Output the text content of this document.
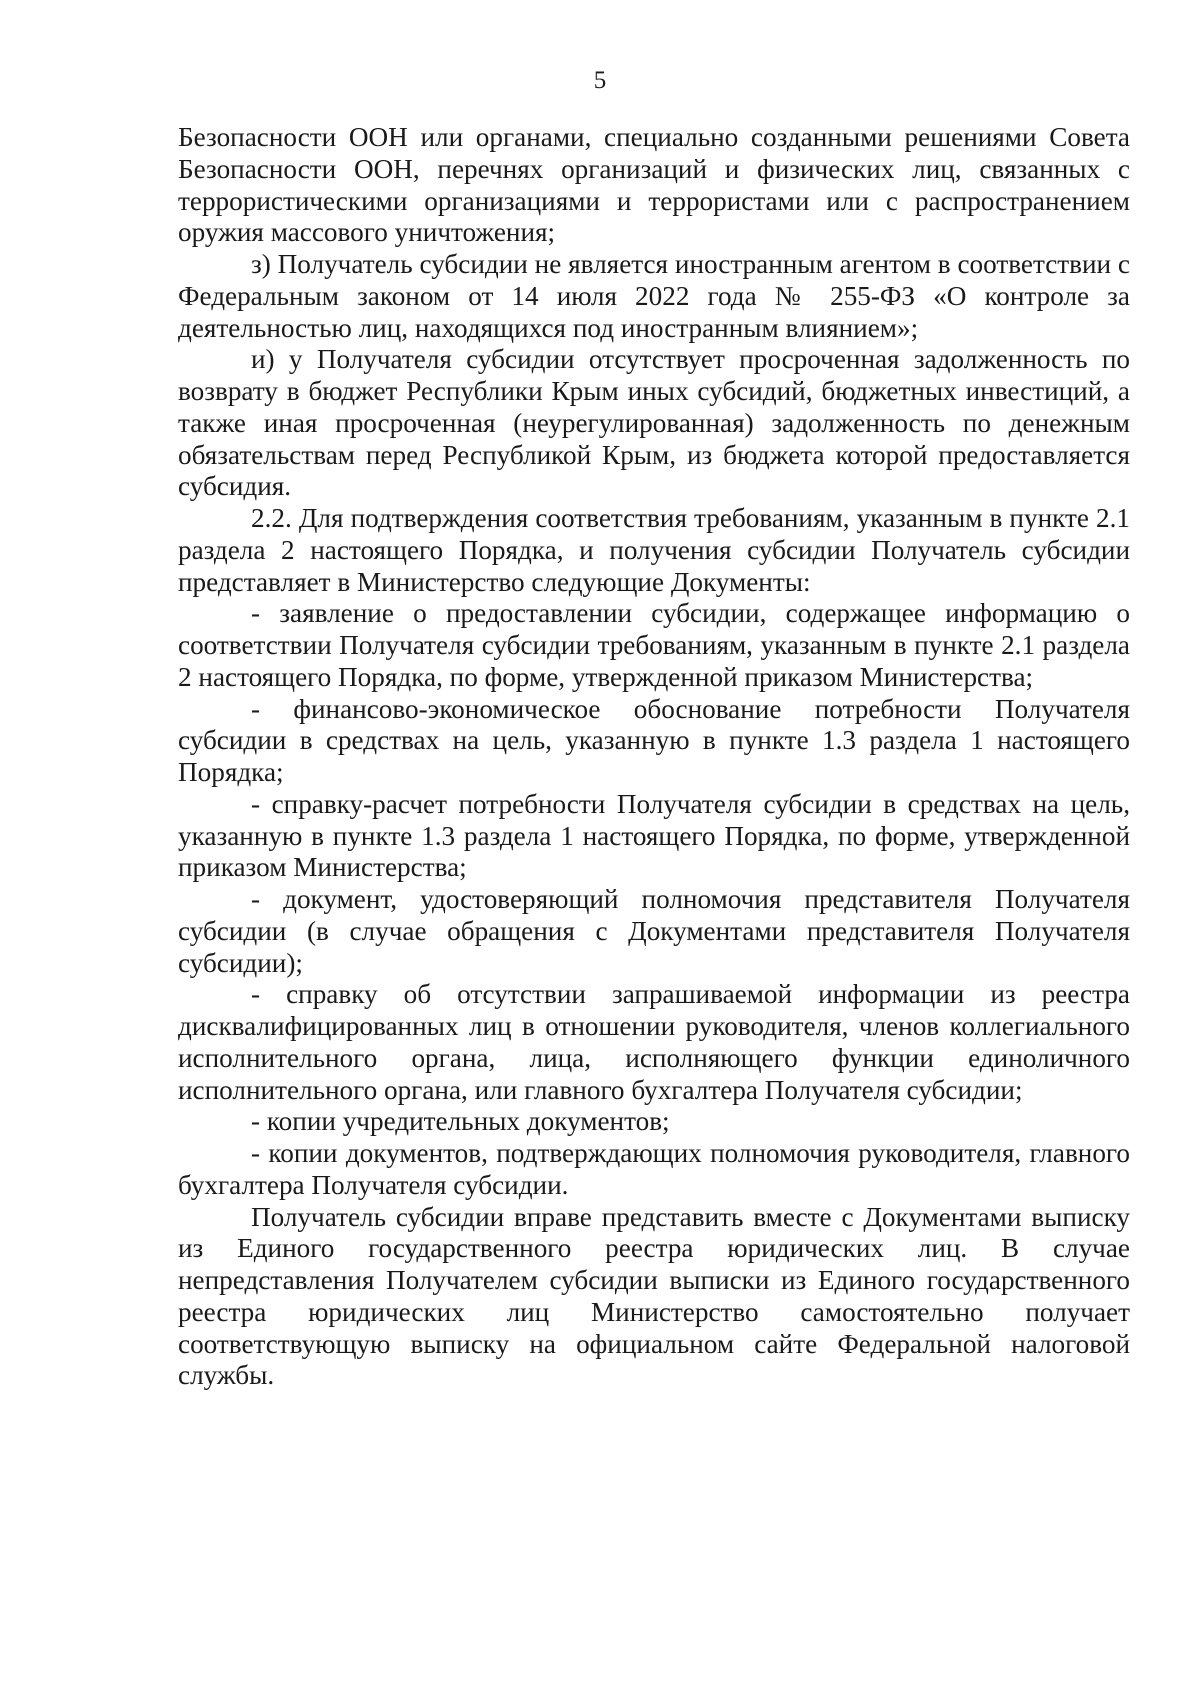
5

Безопасности ООН или органами, специально созданными решениями Совета Безопасности ООН, перечнях организаций и физических лиц, связанных с террористическими организациями и террористами или с распространением оружия массового уничтожения;

з) Получатель субсидии не является иностранным агентом в соответствии с Федеральным законом от 14 июля 2022 года № 255-ФЗ «О контроле за деятельностью лиц, находящихся под иностранным влиянием»;

и) у Получателя субсидии отсутствует просроченная задолженность по возврату в бюджет Республики Крым иных субсидий, бюджетных инвестиций, а также иная просроченная (неурегулированная) задолженность по денежным обязательствам перед Республикой Крым, из бюджета которой предоставляется субсидия.

2.2. Для подтверждения соответствия требованиям, указанным в пункте 2.1 раздела 2 настоящего Порядка, и получения субсидии Получатель субсидии представляет в Министерство следующие Документы:

- заявление о предоставлении субсидии, содержащее информацию о соответствии Получателя субсидии требованиям, указанным в пункте 2.1 раздела 2 настоящего Порядка, по форме, утвержденной приказом Министерства;

- финансово-экономическое обоснование потребности Получателя субсидии в средствах на цель, указанную в пункте 1.3 раздела 1 настоящего Порядка;

- справку-расчет потребности Получателя субсидии в средствах на цель, указанную в пункте 1.3 раздела 1 настоящего Порядка, по форме, утвержденной приказом Министерства;

- документ, удостоверяющий полномочия представителя Получателя субсидии (в случае обращения с Документами представителя Получателя субсидии);

- справку об отсутствии запрашиваемой информации из реестра дисквалифицированных лиц в отношении руководителя, членов коллегиального исполнительного органа, лица, исполняющего функции единоличного исполнительного органа, или главного бухгалтера Получателя субсидии;

- копии учредительных документов;

- копии документов, подтверждающих полномочия руководителя, главного бухгалтера Получателя субсидии.

Получатель субсидии вправе представить вместе с Документами выписку из Единого государственного реестра юридических лиц. В случае непредставления Получателем субсидии выписки из Единого государственного реестра юридических лиц Министерство самостоятельно получает соответствующую выписку на официальном сайте Федеральной налоговой службы.
